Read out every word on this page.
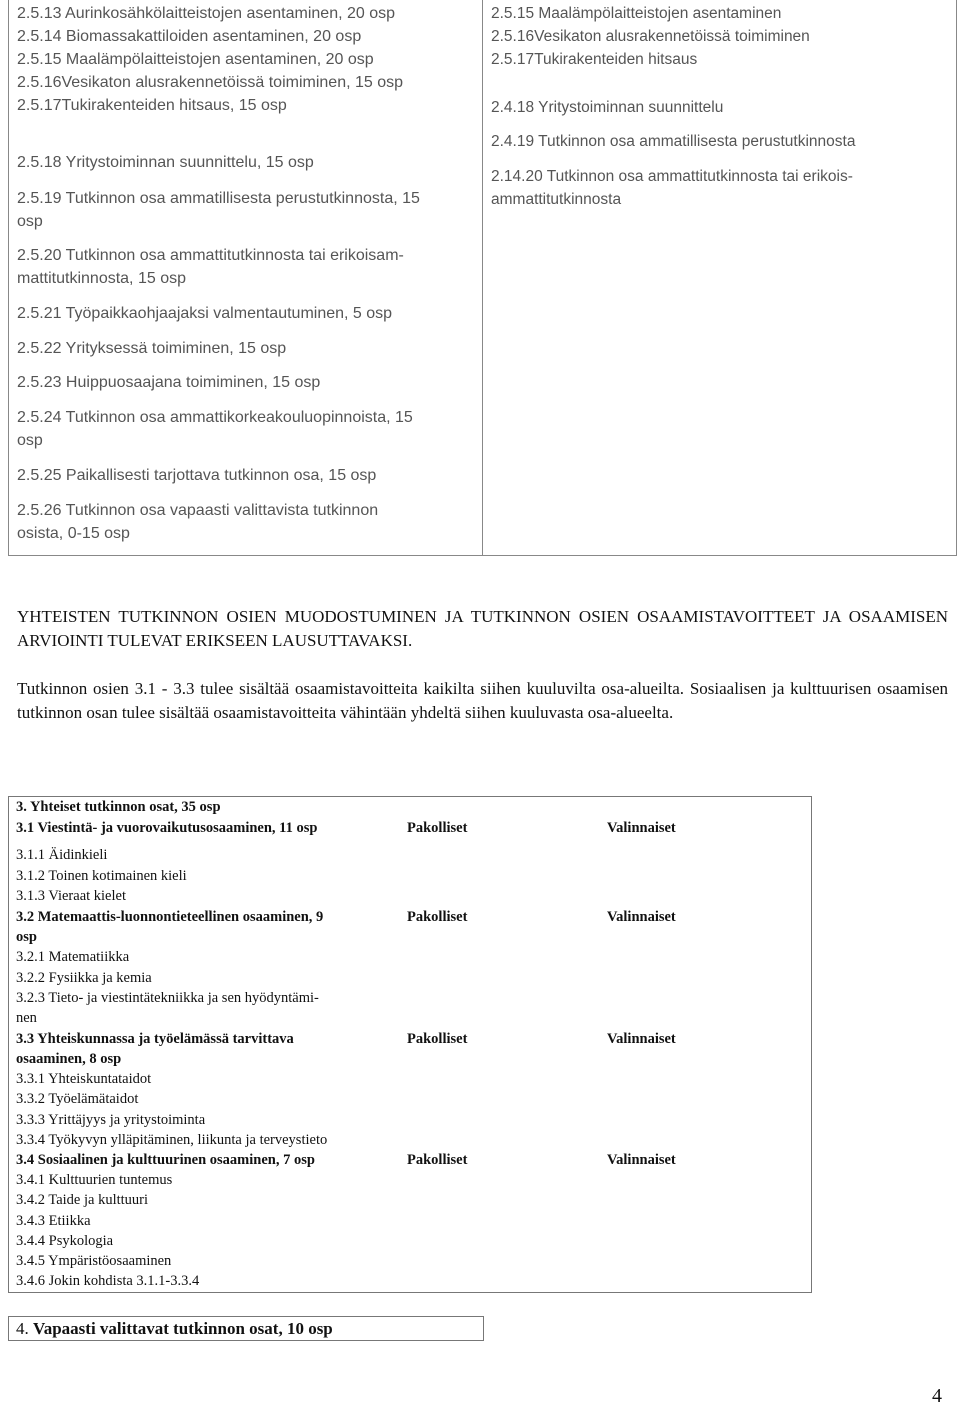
2.5.13 Aurinkosähkölaitteistojen asentaminen, 20 osp
2.5.14 Biomassakattiloiden asentaminen, 20 osp
2.5.15 Maalämpölaitteistojen asentaminen, 20 osp
2.5.16Vesikaton alusrakennetöissä toimiminen, 15 osp
2.5.17Tukirakenteiden hitsaus, 15 osp
2.5.18 Yritystoiminnan suunnittelu, 15 osp
2.5.19 Tutkinnon osa ammatillisesta perustutkinnosta, 15
osp
2.5.20 Tutkinnon osa ammattitutkinnosta tai erikoisam-
mattitutkinnosta, 15 osp
2.5.21 Työpaikkaohjaajaksi valmentautuminen, 5 osp
2.5.22 Yrityksessä toimiminen, 15 osp
2.5.23 Huippuosaajana toimiminen, 15 osp
2.5.24 Tutkinnon osa ammattikorkeakouluopinnoista, 15
osp
2.5.25 Paikallisesti tarjottava tutkinnon osa, 15 osp
2.5.26 Tutkinnon osa vapaasti valittavista tutkinnon
osista, 0-15 osp
2.5.15 Maalämpölaitteistojen asentaminen
2.5.16Vesikaton alusrakennetöissä toimiminen
2.5.17Tukirakenteiden hitsaus
2.4.18 Yritystoiminnan suunnittelu
2.4.19 Tutkinnon osa ammatillisesta perustutkinnosta
2.14.20 Tutkinnon osa ammattitutkinnosta tai erikois-
ammattitutkinnosta
YHTEISTEN TUTKINNON OSIEN MUODOSTUMINEN JA TUTKINNON OSIEN OSAAMISTAVOITTEET JA OSAAMISEN ARVIOINTI TULEVAT ERIKSEEN LAUSUTTAVAKSI.
Tutkinnon osien 3.1 - 3.3 tulee sisältää osaamistavoitteita kaikilta siihen kuuluvilta osa-alueilta. Sosiaalisen ja kulttuurisen osaamisen tutkinnon osan tulee sisältää osaamistavoitteita vähintään yhdeltä siihen kuuluvasta osa-alueelta.
3. Yhteiset tutkinnon osat, 35 osp
3.1 Viestintä- ja vuorovaikutusosaaminen, 11 osp	Pakolliset	Valinnaiset
3.1.1 Äidinkieli
3.1.2 Toinen kotimainen kieli
3.1.3 Vieraat kielet
3.2 Matemaattis-luonnontieteellinen osaaminen, 9	Pakolliset	Valinnaiset
osp
3.2.1 Matematiikka
3.2.2 Fysiikka ja kemia
3.2.3 Tieto- ja viestintätekniikka ja sen hyödyntämi-
nen
3.3 Yhteiskunnassa ja työelämässä tarvittava	Pakolliset	Valinnaiset
osaaminen, 8 osp
3.3.1 Yhteiskuntataidot
3.3.2 Työelämätaidot
3.3.3 Yrittäjyys ja yritystoiminta
3.3.4 Työkyvyn ylläpitäminen, liikunta ja terveystieto
3.4 Sosiaalinen ja kulttuurinen osaaminen, 7 osp	Pakolliset	Valinnaiset
3.4.1 Kulttuurien tuntemus
3.4.2 Taide ja kulttuuri
3.4.3 Etiikka
3.4.4 Psykologia
3.4.5 Ympäristöosaaminen
3.4.6 Jokin kohdista 3.1.1-3.3.4
4. Vapaasti valittavat tutkinnon osat, 10 osp
4
